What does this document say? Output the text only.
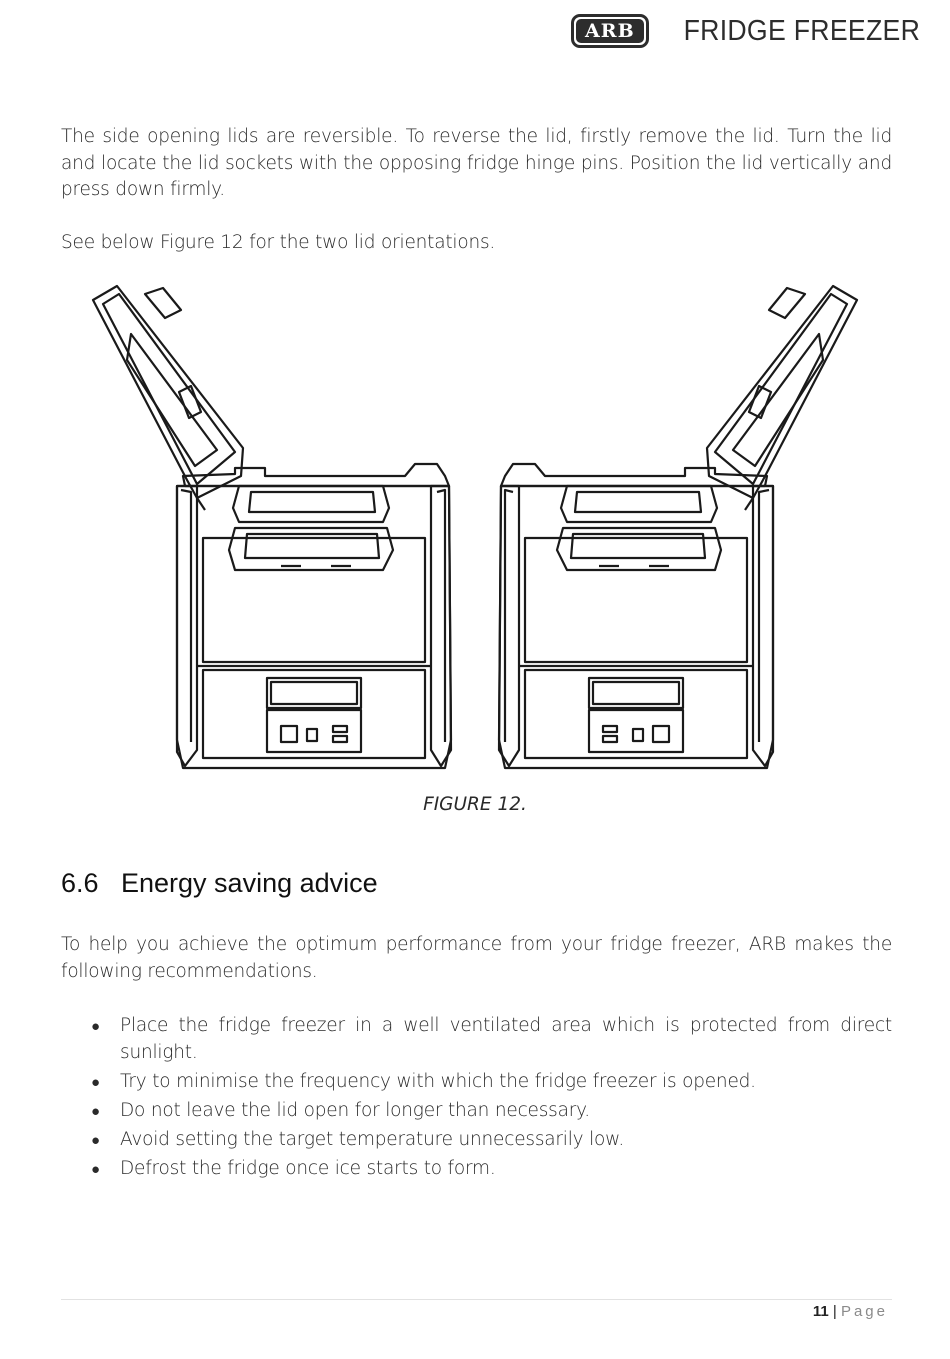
ARB	FRIDGE FREEZER

The side opening lids are reversible. To reverse the lid, firstly remove the lid. Turn the lid and locate the lid sockets with the opposing fridge hinge pins. Position the lid vertically and press down firmly.

See below Figure 12 for the two lid orientations.

FIGURE 12.
6.6 Energy saving advice

To help you achieve the optimum performance from your fridge freezer, ARB makes the following recommendations.

● Place the fridge freezer in a well ventilated area which is protected from direct sunlight.
● Try to minimise the frequency with which the fridge freezer is opened.
● Do not leave the lid open for longer than necessary.
● Avoid setting the target temperature unnecessarily low.
● Defrost the fridge once ice starts to form.
11 | Page
